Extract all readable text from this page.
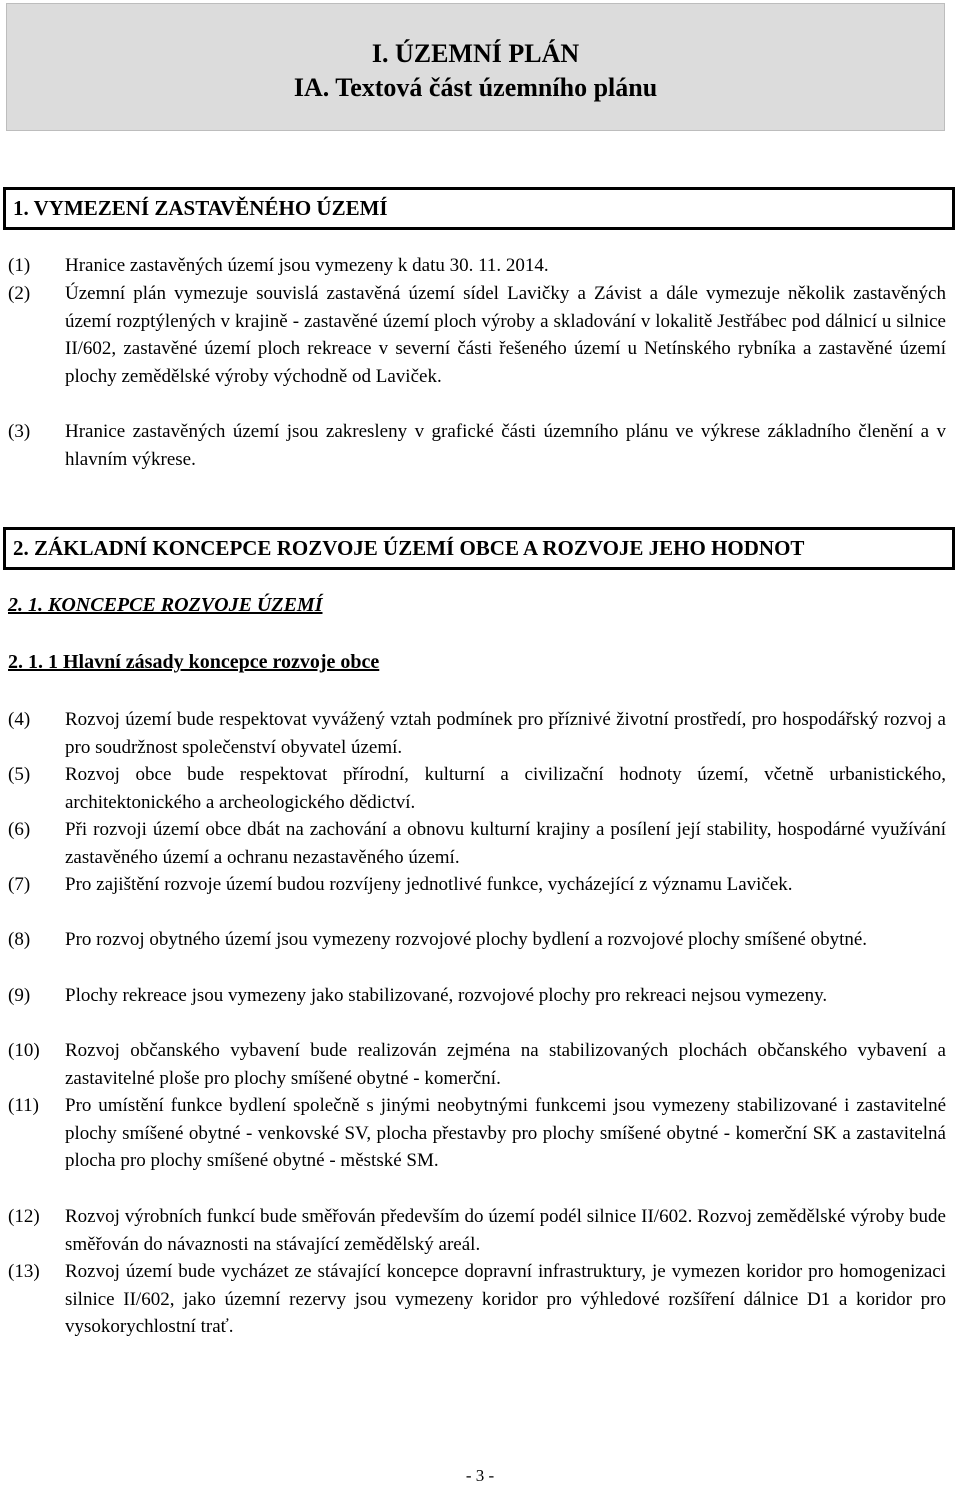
I. ÚZEMNÍ PLÁN
IA. Textová část územního plánu
1. VYMEZENÍ ZASTAVĚNÉHO ÚZEMÍ
(1) Hranice zastavěných území jsou vymezeny k datu 30. 11. 2014.
(2) Územní plán vymezuje souvislá zastavěná území sídel Lavičky a Závist a dále vymezuje několik zastavěných území rozptýlených v krajině - zastavěné území ploch výroby a skladování v lokalitě Jestřábec pod dálnicí u silnice II/602, zastavěné území ploch rekreace v severní části řešeného území u Netínského rybníka a zastavěné území plochy zemědělské výroby východně od Laviček.
(3) Hranice zastavěných území jsou zakresleny v grafické části územního plánu ve výkrese základního členění a v hlavním výkrese.
2. ZÁKLADNÍ KONCEPCE ROZVOJE ÚZEMÍ OBCE A ROZVOJE JEHO HODNOT
2. 1. KONCEPCE ROZVOJE ÚZEMÍ
2. 1. 1 Hlavní zásady koncepce rozvoje obce
(4) Rozvoj území bude respektovat vyvážený vztah podmínek pro příznivé životní prostředí, pro hospodářský rozvoj a pro soudržnost společenství obyvatel území.
(5) Rozvoj obce bude respektovat přírodní, kulturní a civilizační hodnoty území, včetně urbanistického, architektonického a archeologického dědictví.
(6) Při rozvoji území obce dbát na zachování a obnovu kulturní krajiny a posílení její stability, hospodárné využívání zastavěného území a ochranu nezastavěného území.
(7) Pro zajištění rozvoje území budou rozvíjeny jednotlivé funkce, vycházející z významu Laviček.
(8) Pro rozvoj obytného území jsou vymezeny rozvojové plochy bydlení a rozvojové plochy smíšené obytné.
(9) Plochy rekreace jsou vymezeny jako stabilizované, rozvojové plochy pro rekreaci nejsou vymezeny.
(10) Rozvoj občanského vybavení bude realizován zejména na stabilizovaných plochách občanského vybavení a zastavitelné ploše pro plochy smíšené obytné - komerční.
(11) Pro umístění funkce bydlení společně s jinými neobytnými funkcemi jsou vymezeny stabilizované i zastavitelné plochy smíšené obytné - venkovské SV, plocha přestavby pro plochy smíšené obytné - komerční SK a zastavitelná plocha pro plochy smíšené obytné - městské SM.
(12) Rozvoj výrobních funkcí bude směřován především do území podél silnice II/602. Rozvoj zemědělské výroby bude směřován do návaznosti na stávající zemědělský areál.
(13) Rozvoj území bude vycházet ze stávající koncepce dopravní infrastruktury, je vymezen koridor pro homogenizaci silnice II/602, jako územní rezervy jsou vymezeny koridor pro výhledové rozšíření dálnice D1 a koridor pro vysokorychlostní trať.
- 3 -
